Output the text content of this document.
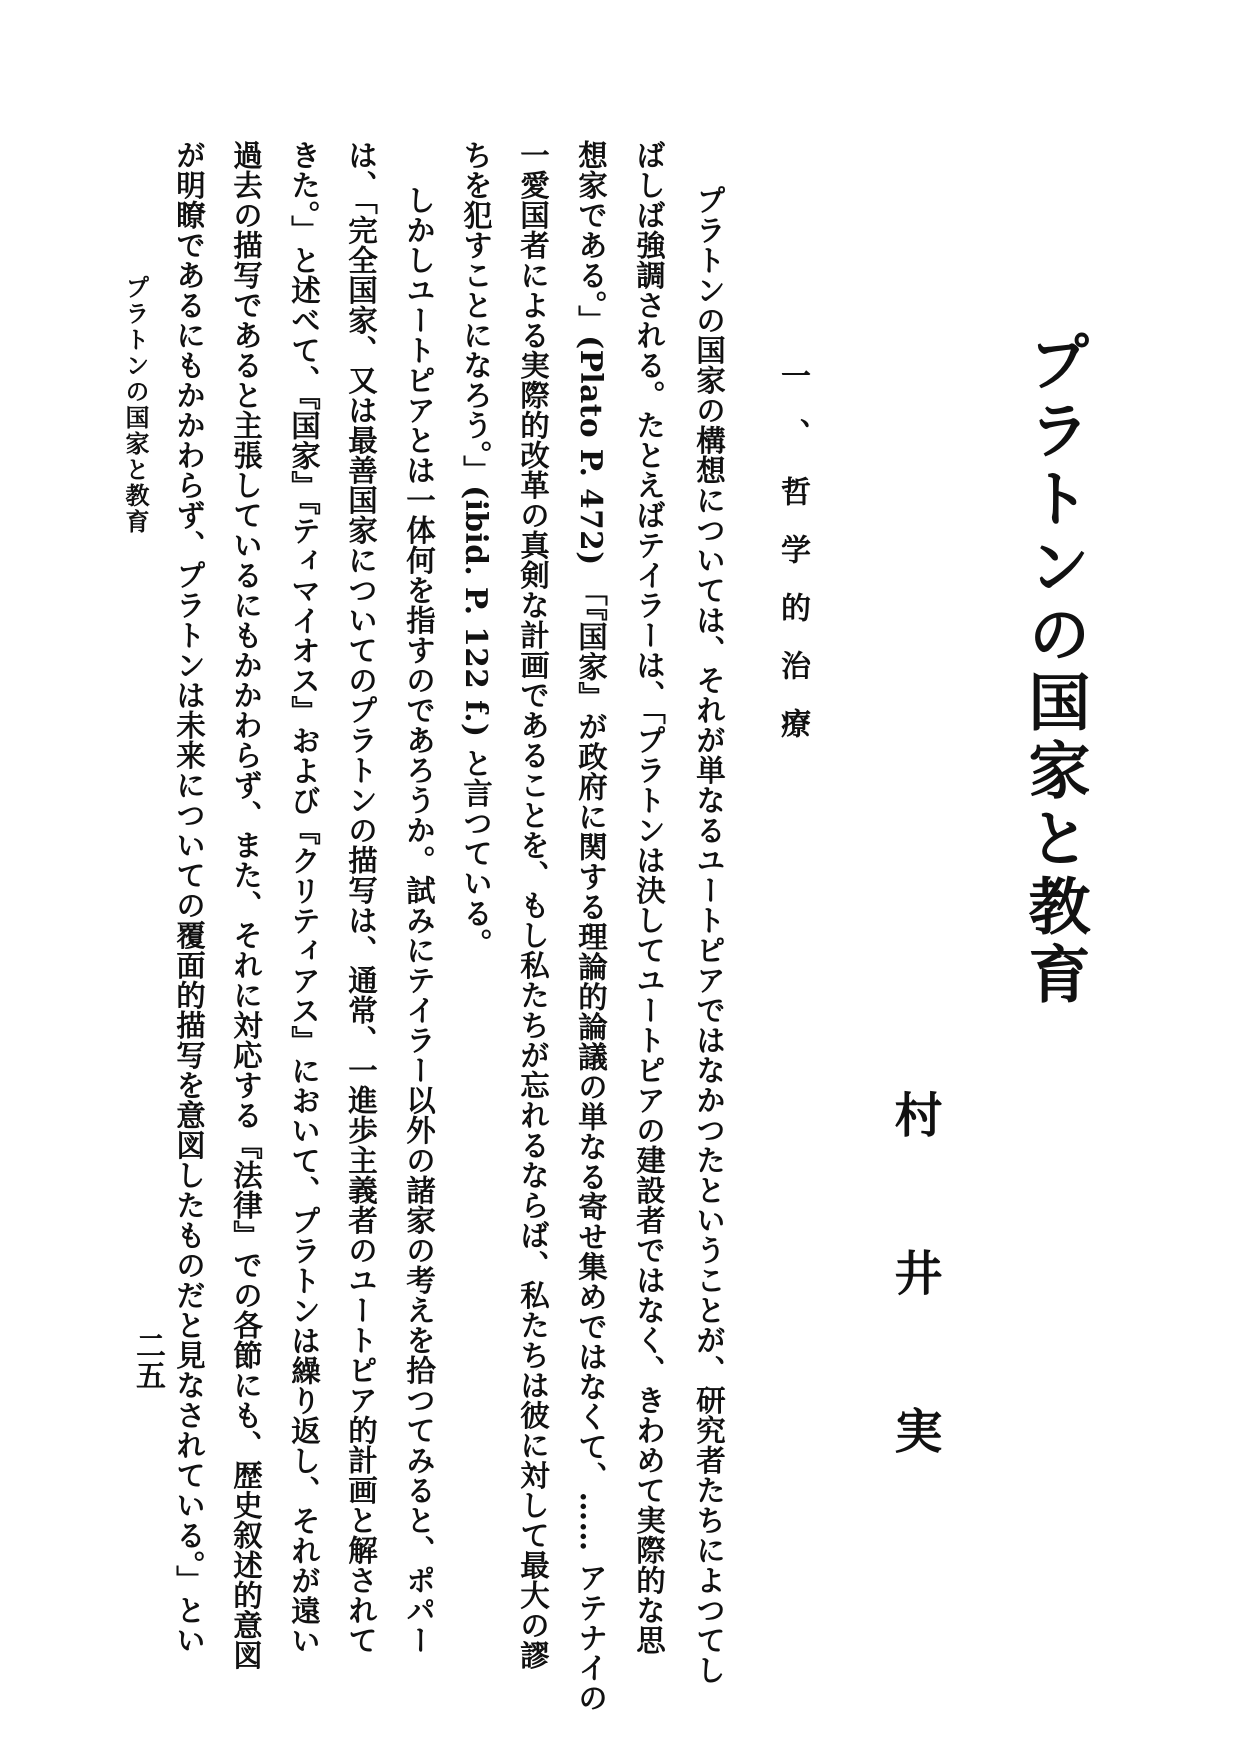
プラトンの国家と教育
村井実
一、哲学的治療
プラトンの国家の構想については、それが単なるユートピアではなかつたということが、研究者たちによつてし
ばしば強調される。たとえばテイラーは、「プラトンは決してユートピアの建設者ではなく、きわめて実際的な思
想家である。」(Plato P. 472) 「『国家』が政府に関する理論的論議の単なる寄せ集めではなくて、…… アテナイの
一愛国者による実際的改革の真剣な計画であることを、もし私たちが忘れるならば、私たちは彼に対して最大の謬
ちを犯すことになろう。」(ibid. P. 122 f.) と言つている。
しかしユートピアとは一体何を指すのであろうか。試みにテイラー以外の諸家の考えを拾つてみると、ポパー
は、「完全国家、又は最善国家についてのプラトンの描写は、通常、一進歩主義者のユートピア的計画と解されて
きた。」と述べて、『国家』『ティマイオス』および『クリティアス』において、プラトンは繰り返し、それが遠い
過去の描写であると主張しているにもかかわらず、また、それに対応する『法律』での各節にも、歴史叙述的意図
が明瞭であるにもかかわらず、プラトンは未来についての覆面的描写を意図したものだと見なされている。」とい
プラトンの国家と教育
二五
